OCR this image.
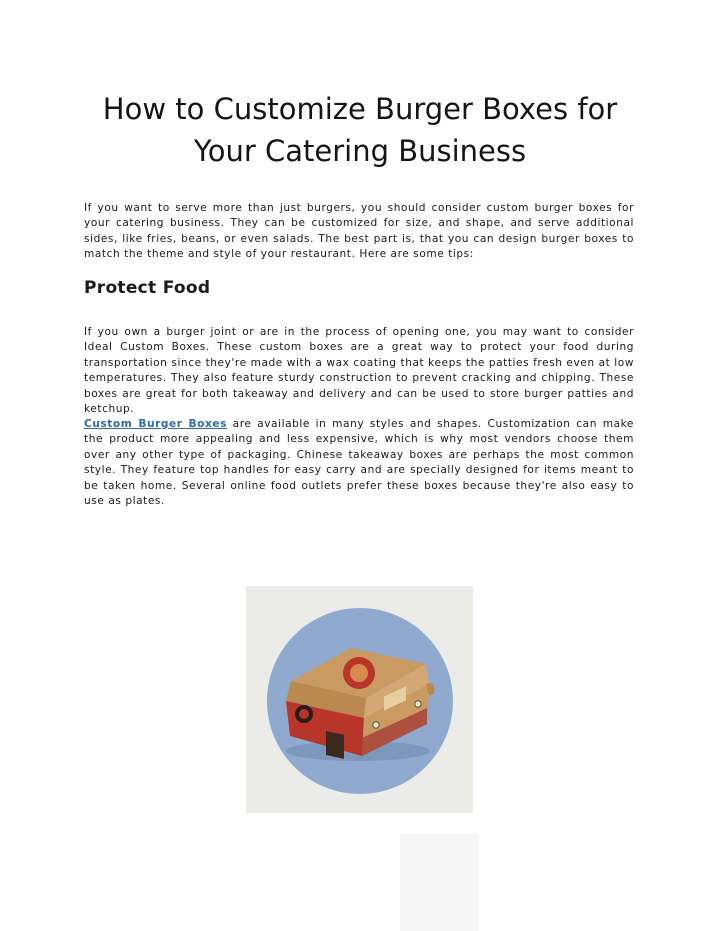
How to Customize Burger Boxes for
Your Catering Business

If you want to serve more than just burgers, you should consider custom burger boxes for your catering business. They can be customized for size, and shape, and serve additional sides, like fries, beans, or even salads. The best part is, that you can design burger boxes to match the theme and style of your restaurant. Here are some tips:

Protect Food

If you own a burger joint or are in the process of opening one, you may want to consider Ideal Custom Boxes. These custom boxes are a great way to protect your food during transportation since they're made with a wax coating that keeps the patties fresh even at low temperatures. They also feature sturdy construction to prevent cracking and chipping. These boxes are great for both takeaway and delivery and can be used to store burger patties and ketchup.

Custom Burger Boxes are available in many styles and shapes. Customization can make the product more appealing and less expensive, which is why most vendors choose them over any other type of packaging. Chinese takeaway boxes are perhaps the most common style. They feature top handles for easy carry and are specially designed for items meant to be taken home. Several online food outlets prefer these boxes because they're also easy to use as plates.
